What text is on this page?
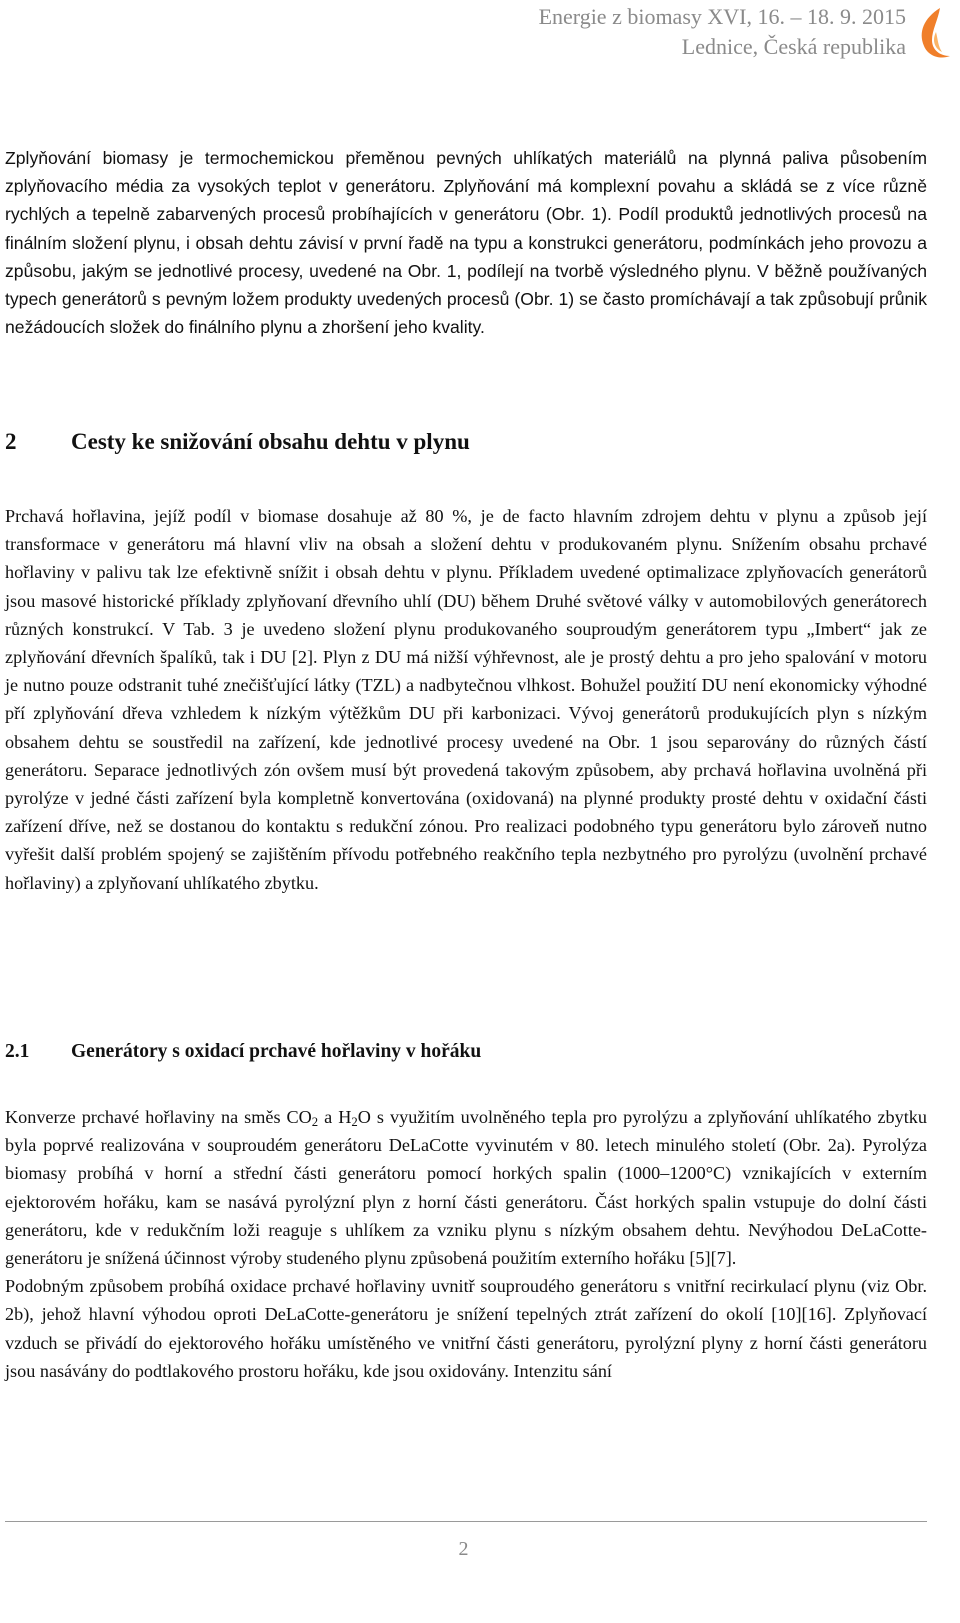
Energie z biomasy XVI, 16. – 18. 9. 2015
Lednice, Česká republika

Zplyňování biomasy je termochemickou přeměnou pevných uhlíkatých materiálů na plynná paliva působením zplyňovacího média za vysokých teplot v generátoru. Zplyňování má komplexní povahu a skládá se z více různě rychlých a tepelně zabarvených procesů probíhajících v generátoru (Obr. 1). Podíl produktů jednotlivých procesů na finálním složení plynu, i obsah dehtu závisí v první řadě na typu a konstrukci generátoru, podmínkách jeho provozu a způsobu, jakým se jednotlivé procesy, uvedené na Obr. 1, podílejí na tvorbě výsledného plynu. V běžně používaných typech generátorů s pevným ložem produkty uvedených procesů (Obr. 1) se často promíchávají a tak způsobují průnik nežádoucích složek do finálního plynu a zhoršení jeho kvality.

2 Cesty ke snižování obsahu dehtu v plynu

Prchavá hořlavina, jejíž podíl v biomase dosahuje až 80 %, je de facto hlavním zdrojem dehtu v plynu a způsob její transformace v generátoru má hlavní vliv na obsah a složení dehtu v produkovaném plynu. Snížením obsahu prchavé hořlaviny v palivu tak lze efektivně snížit i obsah dehtu v plynu. Příkladem uvedené optimalizace zplyňovacích generátorů jsou masové historické příklady zplyňovaní dřevního uhlí (DU) během Druhé světové války v automobilových generátorech různých konstrukcí. V Tab. 3 je uvedeno složení plynu produkovaného souproudým generátorem typu „Imbert“ jak ze zplyňování dřevních špalíků, tak i DU [2]. Plyn z DU má nižší výhřevnost, ale je prostý dehtu a pro jeho spalování v motoru je nutno pouze odstranit tuhé znečišťující látky (TZL) a nadbytečnou vlhkost. Bohužel použití DU není ekonomicky výhodné pří zplyňování dřeva vzhledem k nízkým výtěžkům DU při karbonizaci. Vývoj generátorů produkujících plyn s nízkým obsahem dehtu se soustředil na zařízení, kde jednotlivé procesy uvedené na Obr. 1 jsou separovány do různých částí generátoru. Separace jednotlivých zón ovšem musí být provedená takovým způsobem, aby prchavá hořlavina uvolněná při pyrolýze v jedné části zařízení byla kompletně konvertována (oxidovaná) na plynné produkty prosté dehtu v oxidační části zařízení dříve, než se dostanou do kontaktu s redukční zónou. Pro realizaci podobného typu generátoru bylo zároveň nutno vyřešit další problém spojený se zajištěním přívodu potřebného reakčního tepla nezbytného pro pyrolýzu (uvolnění prchavé hořlaviny) a zplyňovaní uhlíkatého zbytku.

2.1 Generátory s oxidací prchavé hořlaviny v hořáku

Konverze prchavé hořlaviny na směs $CO_2$ a $H_2O$ s využitím uvolněného tepla pro pyrolýzu a zplyňování uhlíkatého zbytku byla poprvé realizována v souproudém generátoru DeLaCotte vyvinutém v 80. letech minulého století (Obr. 2a). Pyrolýza biomasy probíhá v horní a střední části generátoru pomocí horkých spalin (1000–1200°C) vznikajících v externím ejektorovém hořáku, kam se nasává pyrolýzní plyn z horní části generátoru. Část horkých spalin vstupuje do dolní části generátoru, kde v redukčním loži reaguje s uhlíkem za vzniku plynu s nízkým obsahem dehtu. Nevýhodou DeLaCotte-generátoru je snížená účinnost výroby studeného plynu způsobená použitím externího hořáku [5][7].

Podobným způsobem probíhá oxidace prchavé hořlaviny uvnitř souproudého generátoru s vnitřní recirkulací plynu (viz Obr. 2b), jehož hlavní výhodou oproti DeLaCotte-generátoru je snížení tepelných ztrát zařízení do okolí [10][16]. Zplyňovací vzduch se přivádí do ejektorového hořáku umístěného ve vnitřní části generátoru, pyrolýzní plyny z horní části generátoru jsou nasávány do podtlakového prostoru hořáku, kde jsou oxidovány. Intenzitu sání

2
